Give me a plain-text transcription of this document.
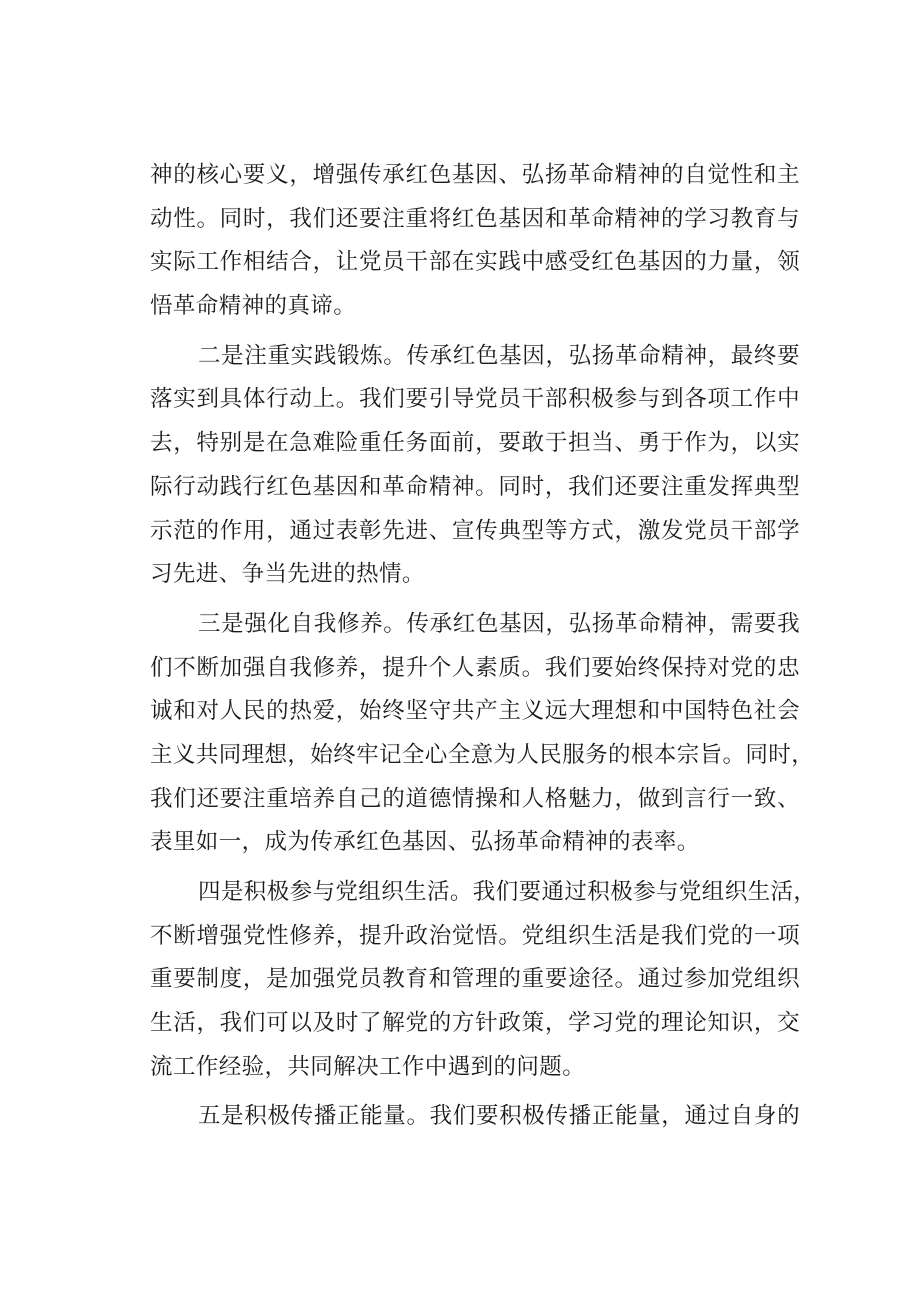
神的核心要义，增强传承红色基因、弘扬革命精神的自觉性和主
动性。同时，我们还要注重将红色基因和革命精神的学习教育与
实际工作相结合，让党员干部在实践中感受红色基因的力量，领
悟革命精神的真谛。
二是注重实践锻炼。传承红色基因，弘扬革命精神，最终要
落实到具体行动上。我们要引导党员干部积极参与到各项工作中
去，特别是在急难险重任务面前，要敢于担当、勇于作为，以实
际行动践行红色基因和革命精神。同时，我们还要注重发挥典型
示范的作用，通过表彰先进、宣传典型等方式，激发党员干部学
习先进、争当先进的热情。
三是强化自我修养。传承红色基因，弘扬革命精神，需要我
们不断加强自我修养，提升个人素质。我们要始终保持对党的忠
诚和对人民的热爱，始终坚守共产主义远大理想和中国特色社会
主义共同理想，始终牢记全心全意为人民服务的根本宗旨。同时，
我们还要注重培养自己的道德情操和人格魅力，做到言行一致、
表里如一，成为传承红色基因、弘扬革命精神的表率。
四是积极参与党组织生活。我们要通过积极参与党组织生活，
不断增强党性修养，提升政治觉悟。党组织生活是我们党的一项
重要制度，是加强党员教育和管理的重要途径。通过参加党组织
生活，我们可以及时了解党的方针政策，学习党的理论知识，交
流工作经验，共同解决工作中遇到的问题。
五是积极传播正能量。我们要积极传播正能量，通过自身的
